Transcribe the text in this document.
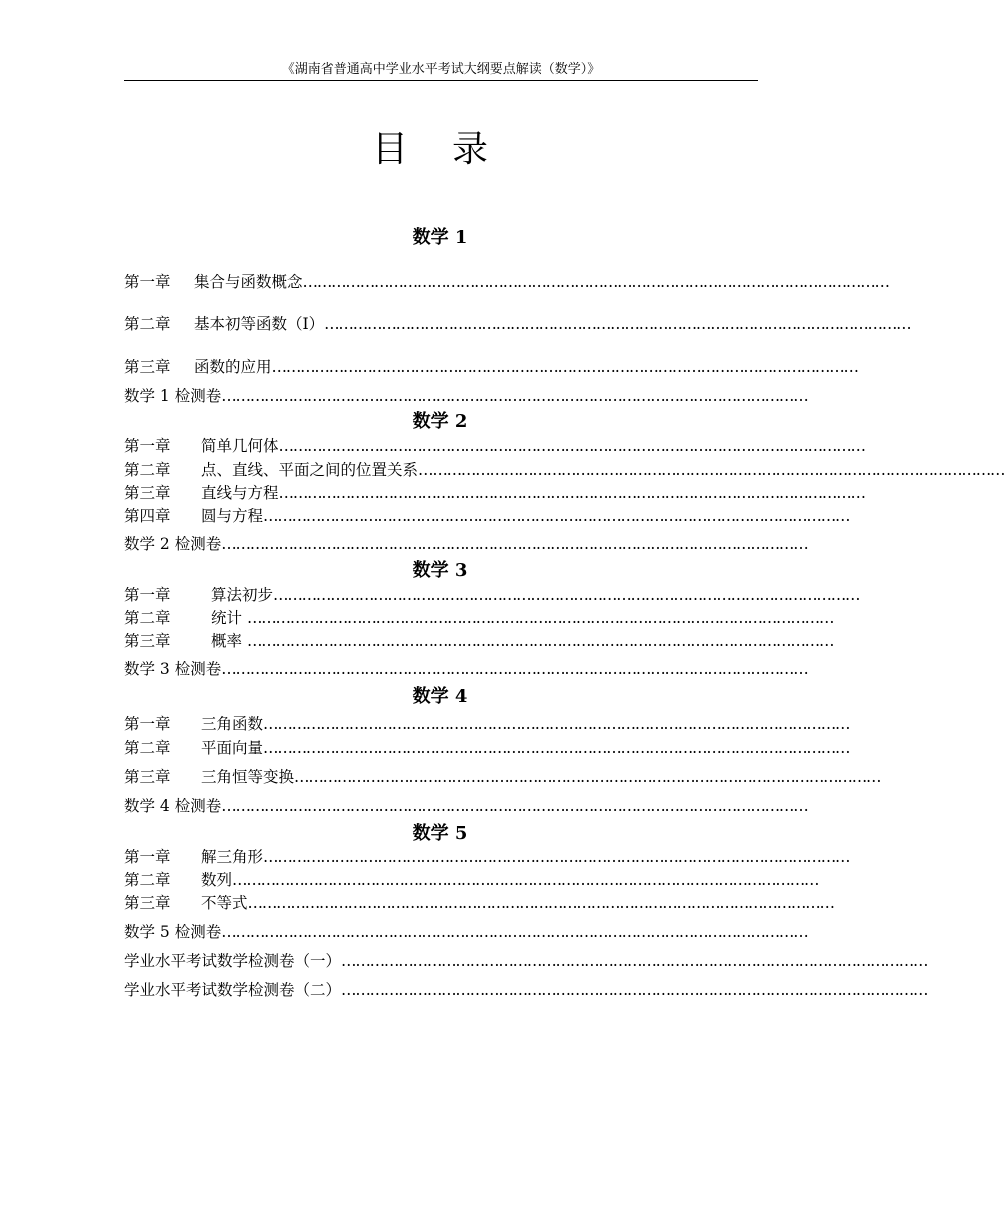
《湖南省普通高中学业水平考试大纲要点解读（数学）》
目录
数学 1
第一章 集合与函数概念……………………………………………………………………………………………………………
第二章 基本初等函数（I）……………………………………………………………………………………………………………
第三章 函数的应用……………………………………………………………………………………………………………
数学 1 检测卷……………………………………………………………………………………………………………
数学 2
第一章 简单几何体……………………………………………………………………………………………………………
第二章 点、直线、平面之间的位置关系……………………………………………………………………………………………………………
第三章 直线与方程……………………………………………………………………………………………………………
第四章 圆与方程……………………………………………………………………………………………………………
数学 2 检测卷……………………………………………………………………………………………………………
数学 3
第一章	算法初步……………………………………………………………………………………………………………
第二章	统计 ……………………………………………………………………………………………………………
第三章	概率 ……………………………………………………………………………………………………………
数学 3 检测卷……………………………………………………………………………………………………………
数学 4
第一章 三角函数……………………………………………………………………………………………………………
第二章 平面向量……………………………………………………………………………………………………………
第三章 三角恒等变换……………………………………………………………………………………………………………
数学 4 检测卷……………………………………………………………………………………………………………
数学 5
第一章 解三角形……………………………………………………………………………………………………………
第二章 数列……………………………………………………………………………………………………………
第三章 不等式……………………………………………………………………………………………………………
数学 5 检测卷……………………………………………………………………………………………………………
学业水平考试数学检测卷（一）……………………………………………………………………………………………………………
学业水平考试数学检测卷（二）……………………………………………………………………………………………………………
